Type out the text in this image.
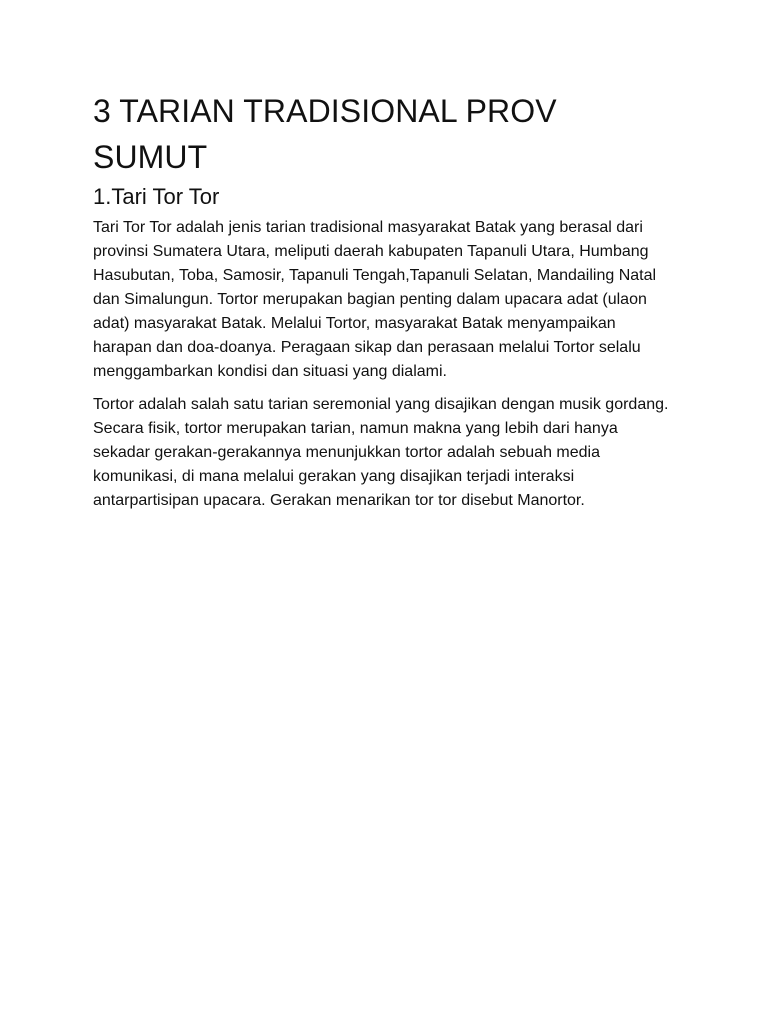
3 TARIAN TRADISIONAL PROV SUMUT
1.Tari Tor Tor

Tari Tor Tor adalah jenis tarian tradisional masyarakat Batak yang berasal dari provinsi Sumatera Utara, meliputi daerah kabupaten Tapanuli Utara, Humbang Hasubutan, Toba, Samosir, Tapanuli Tengah,Tapanuli Selatan, Mandailing Natal dan Simalungun. Tortor merupakan bagian penting dalam upacara adat (ulaon adat) masyarakat Batak. Melalui Tortor, masyarakat Batak menyampaikan harapan dan doa-doanya. Peragaan sikap dan perasaan melalui Tortor selalu menggambarkan kondisi dan situasi yang dialami.

Tortor adalah salah satu tarian seremonial yang disajikan dengan musik gordang. Secara fisik, tortor merupakan tarian, namun makna yang lebih dari hanya sekadar gerakan-gerakannya menunjukkan tortor adalah sebuah media komunikasi, di mana melalui gerakan yang disajikan terjadi interaksi antarpartisipan upacara. Gerakan menarikan tor tor disebut Manortor.
